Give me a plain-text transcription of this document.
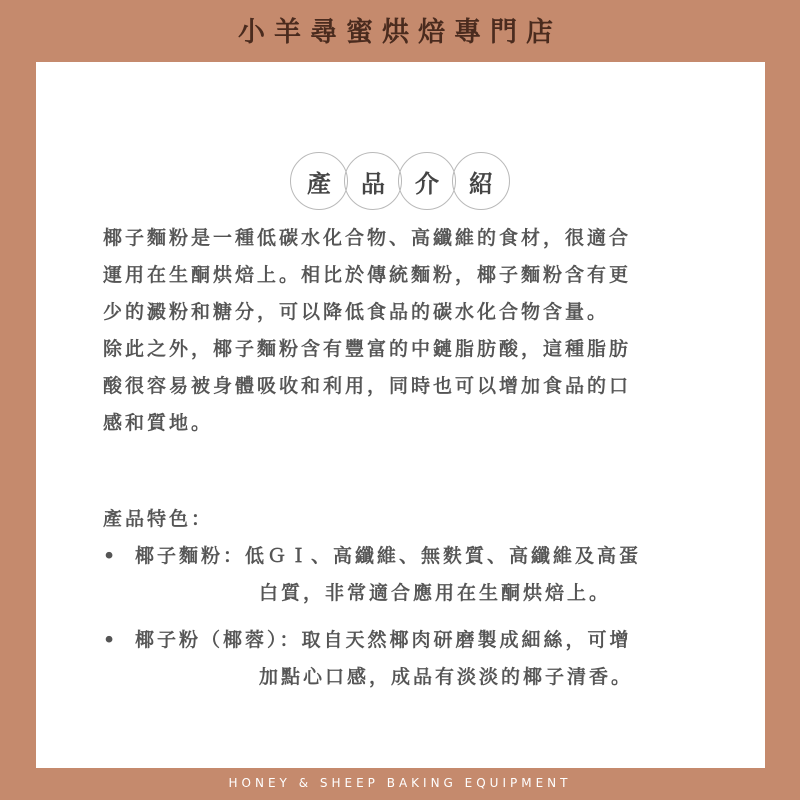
小羊尋蜜烘焙專門店
產	品	介	紹

椰子麵粉是一種低碳水化合物、高纖維的食材，很適合

運用在生酮烘焙上。相比於傳統麵粉，椰子麵粉含有更

少的澱粉和糖分，可以降低食品的碳水化合物含量。

除此之外，椰子麵粉含有豐富的中鏈脂肪酸，這種脂肪

酸很容易被身體吸收和利用，同時也可以增加食品的口

感和質地。

產品特色：
• 椰子麵粉：低ＧＩ、高纖維、無麩質、高纖維及高蛋
白質，非常適合應用在生酮烘焙上。
• 椰子粉（椰蓉）：取自天然椰肉研磨製成細絲，可增
加點心口感，成品有淡淡的椰子清香。
HONEY & SHEEP BAKING EQUIPMENT
